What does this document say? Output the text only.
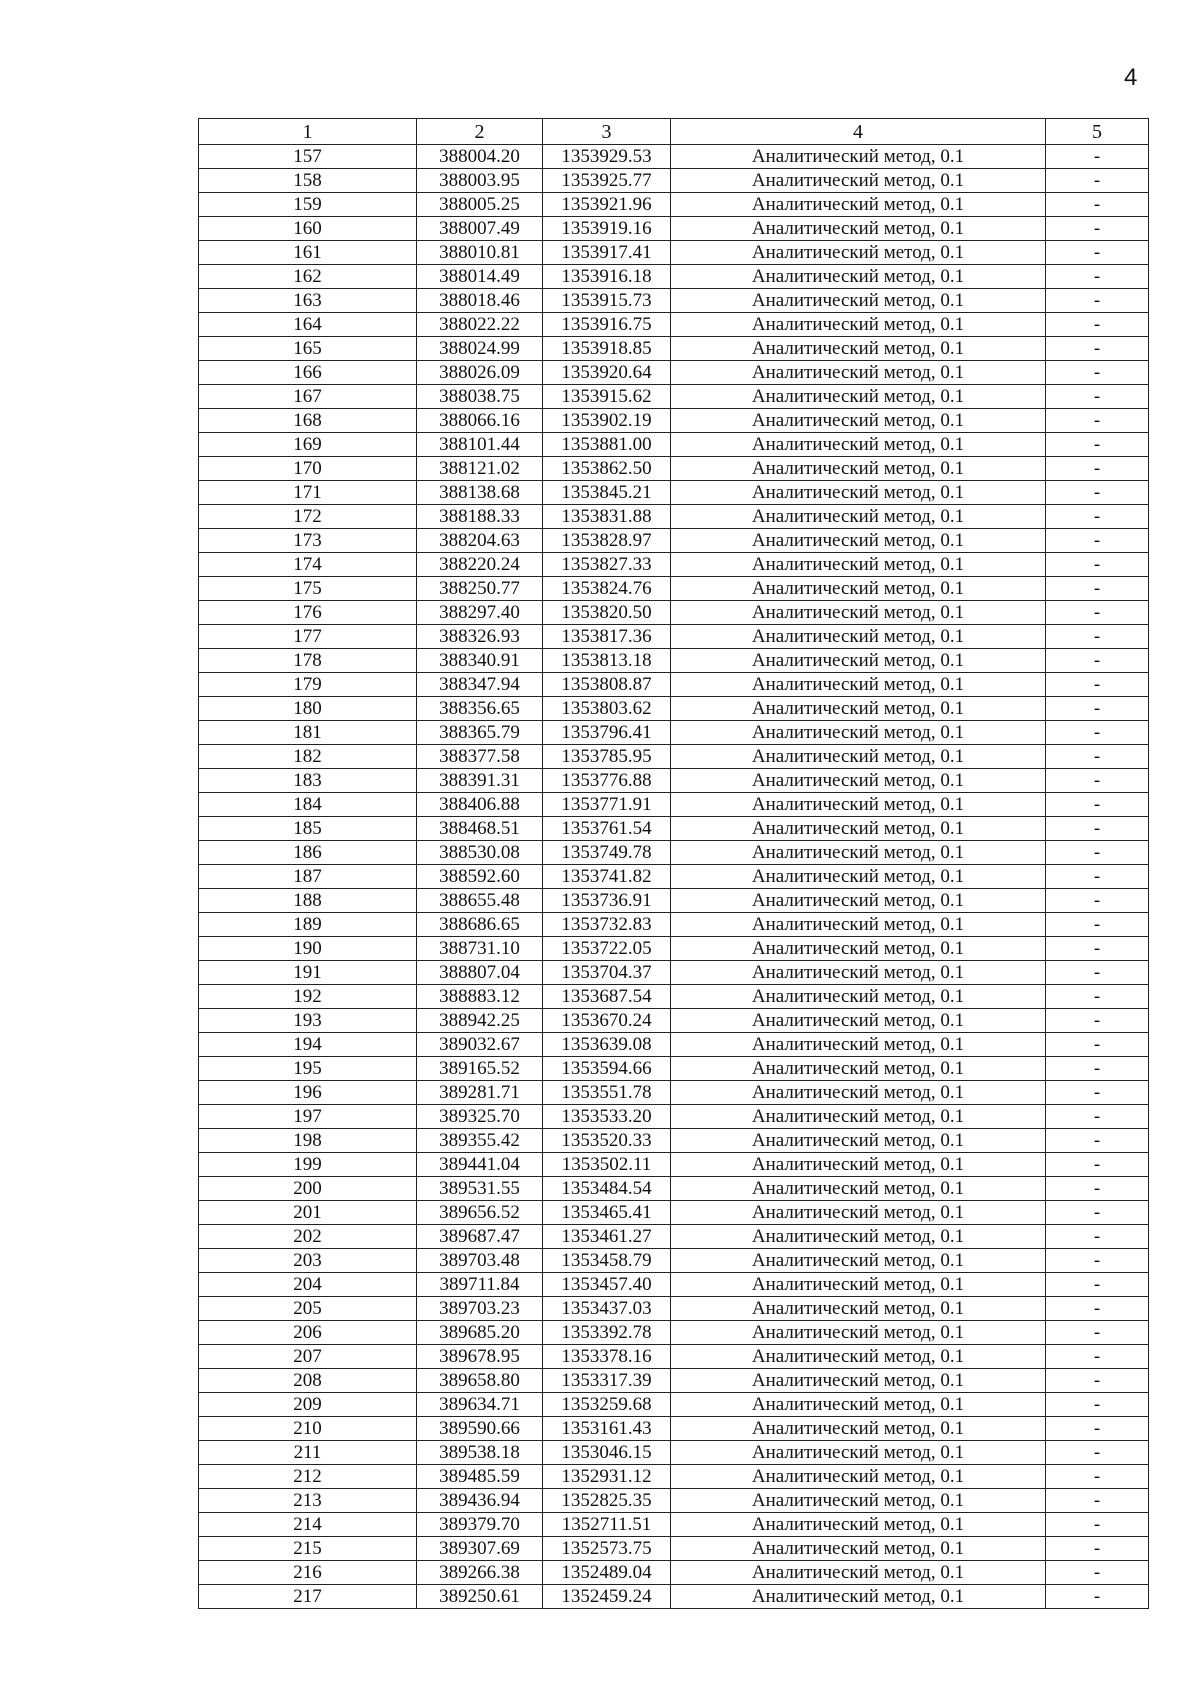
4
1	2	3	4	5
157	388004.20	1353929.53	Аналитический метод, 0.1	-
158	388003.95	1353925.77	Аналитический метод, 0.1	-
159	388005.25	1353921.96	Аналитический метод, 0.1	-
160	388007.49	1353919.16	Аналитический метод, 0.1	-
161	388010.81	1353917.41	Аналитический метод, 0.1	-
162	388014.49	1353916.18	Аналитический метод, 0.1	-
163	388018.46	1353915.73	Аналитический метод, 0.1	-
164	388022.22	1353916.75	Аналитический метод, 0.1	-
165	388024.99	1353918.85	Аналитический метод, 0.1	-
166	388026.09	1353920.64	Аналитический метод, 0.1	-
167	388038.75	1353915.62	Аналитический метод, 0.1	-
168	388066.16	1353902.19	Аналитический метод, 0.1	-
169	388101.44	1353881.00	Аналитический метод, 0.1	-
170	388121.02	1353862.50	Аналитический метод, 0.1	-
171	388138.68	1353845.21	Аналитический метод, 0.1	-
172	388188.33	1353831.88	Аналитический метод, 0.1	-
173	388204.63	1353828.97	Аналитический метод, 0.1	-
174	388220.24	1353827.33	Аналитический метод, 0.1	-
175	388250.77	1353824.76	Аналитический метод, 0.1	-
176	388297.40	1353820.50	Аналитический метод, 0.1	-
177	388326.93	1353817.36	Аналитический метод, 0.1	-
178	388340.91	1353813.18	Аналитический метод, 0.1	-
179	388347.94	1353808.87	Аналитический метод, 0.1	-
180	388356.65	1353803.62	Аналитический метод, 0.1	-
181	388365.79	1353796.41	Аналитический метод, 0.1	-
182	388377.58	1353785.95	Аналитический метод, 0.1	-
183	388391.31	1353776.88	Аналитический метод, 0.1	-
184	388406.88	1353771.91	Аналитический метод, 0.1	-
185	388468.51	1353761.54	Аналитический метод, 0.1	-
186	388530.08	1353749.78	Аналитический метод, 0.1	-
187	388592.60	1353741.82	Аналитический метод, 0.1	-
188	388655.48	1353736.91	Аналитический метод, 0.1	-
189	388686.65	1353732.83	Аналитический метод, 0.1	-
190	388731.10	1353722.05	Аналитический метод, 0.1	-
191	388807.04	1353704.37	Аналитический метод, 0.1	-
192	388883.12	1353687.54	Аналитический метод, 0.1	-
193	388942.25	1353670.24	Аналитический метод, 0.1	-
194	389032.67	1353639.08	Аналитический метод, 0.1	-
195	389165.52	1353594.66	Аналитический метод, 0.1	-
196	389281.71	1353551.78	Аналитический метод, 0.1	-
197	389325.70	1353533.20	Аналитический метод, 0.1	-
198	389355.42	1353520.33	Аналитический метод, 0.1	-
199	389441.04	1353502.11	Аналитический метод, 0.1	-
200	389531.55	1353484.54	Аналитический метод, 0.1	-
201	389656.52	1353465.41	Аналитический метод, 0.1	-
202	389687.47	1353461.27	Аналитический метод, 0.1	-
203	389703.48	1353458.79	Аналитический метод, 0.1	-
204	389711.84	1353457.40	Аналитический метод, 0.1	-
205	389703.23	1353437.03	Аналитический метод, 0.1	-
206	389685.20	1353392.78	Аналитический метод, 0.1	-
207	389678.95	1353378.16	Аналитический метод, 0.1	-
208	389658.80	1353317.39	Аналитический метод, 0.1	-
209	389634.71	1353259.68	Аналитический метод, 0.1	-
210	389590.66	1353161.43	Аналитический метод, 0.1	-
211	389538.18	1353046.15	Аналитический метод, 0.1	-
212	389485.59	1352931.12	Аналитический метод, 0.1	-
213	389436.94	1352825.35	Аналитический метод, 0.1	-
214	389379.70	1352711.51	Аналитический метод, 0.1	-
215	389307.69	1352573.75	Аналитический метод, 0.1	-
216	389266.38	1352489.04	Аналитический метод, 0.1	-
217	389250.61	1352459.24	Аналитический метод, 0.1	-
